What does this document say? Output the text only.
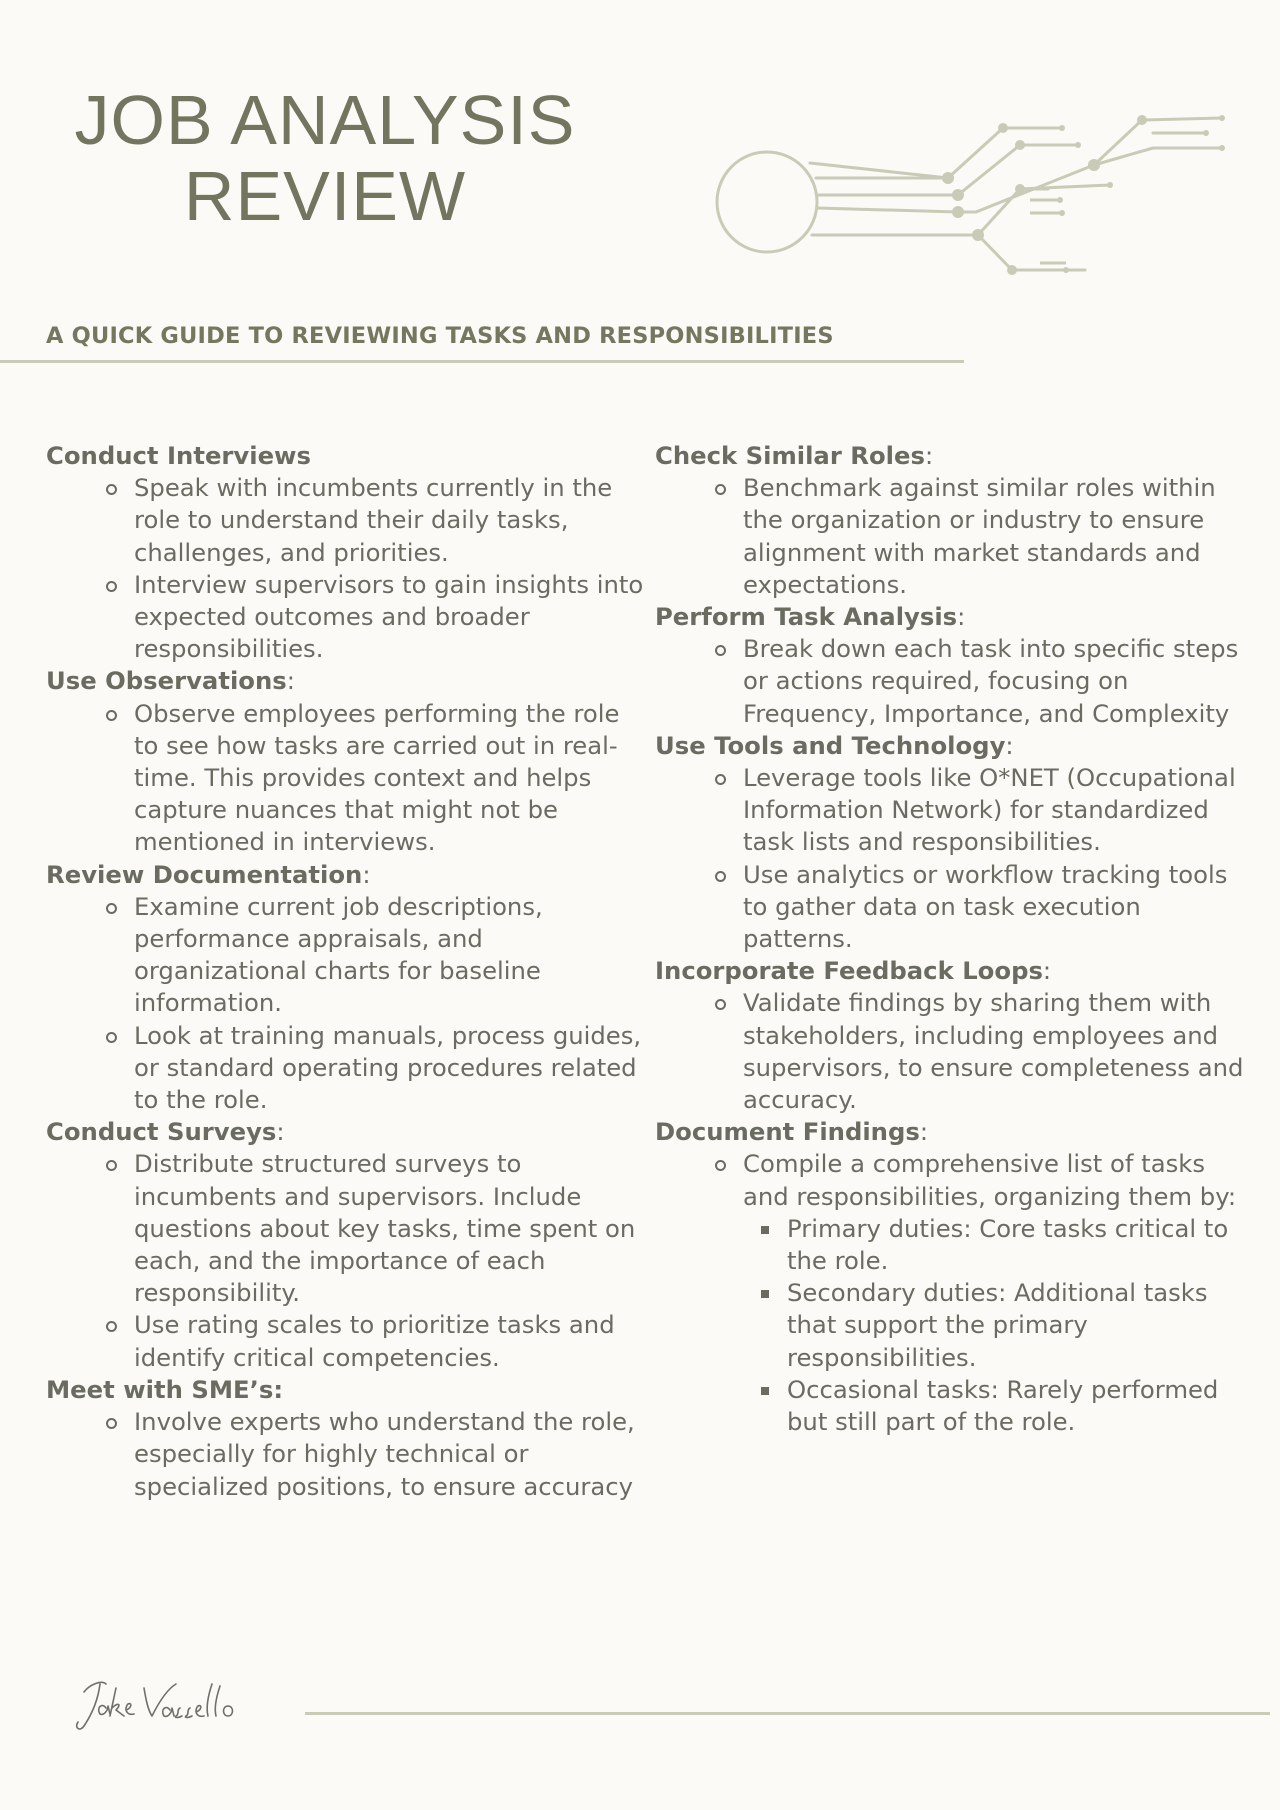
JOB ANALYSIS
REVIEW
A QUICK GUIDE TO REVIEWING TASKS AND RESPONSIBILITIES

Conduct Interviews

Speak with incumbents currently in the role to understand their daily tasks, challenges, and priorities.
Interview supervisors to gain insights into expected outcomes and broader responsibilities.

Use Observations:

Observe employees performing the role to see how tasks are carried out in real-time. This provides context and helps capture nuances that might not be mentioned in interviews.

Review Documentation:

Examine current job descriptions, performance appraisals, and organizational charts for baseline information.
Look at training manuals, process guides, or standard operating procedures related to the role.

Conduct Surveys:

Distribute structured surveys to incumbents and supervisors. Include questions about key tasks, time spent on each, and the importance of each responsibility.
Use rating scales to prioritize tasks and identify critical competencies.

Meet with SME’s:

Involve experts who understand the role, especially for highly technical or specialized positions, to ensure accuracy

Check Similar Roles:

Benchmark against similar roles within the organization or industry to ensure alignment with market standards and expectations.

Perform Task Analysis:

Break down each task into specific steps or actions required, focusing on Frequency, Importance, and Complexity

Use Tools and Technology:

Leverage tools like O*NET (Occupational Information Network) for standardized task lists and responsibilities.
Use analytics or workflow tracking tools to gather data on task execution patterns.

Incorporate Feedback Loops:

Validate findings by sharing them with stakeholders, including employees and supervisors, to ensure completeness and accuracy.

Document Findings:

Compile a comprehensive list of tasks and responsibilities, organizing them by:
Primary duties: Core tasks critical to the role.
Secondary duties: Additional tasks that support the primary responsibilities.
Occasional tasks: Rarely performed but still part of the role.
